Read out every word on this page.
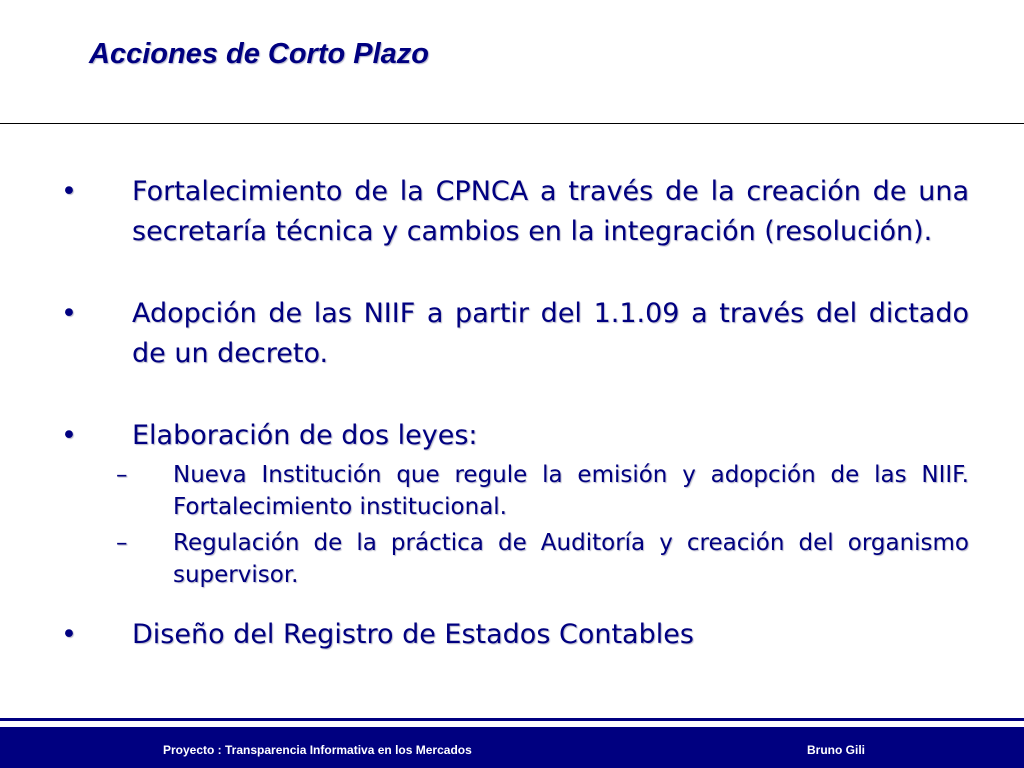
Acciones de Corto Plazo
• Fortalecimiento de la CPNCA a través de la creación de una secretaría técnica y cambios en la integración (resolución).
• Adopción de las NIIF a partir del 1.1.09 a través del dictado de un decreto.
• Elaboración de dos leyes:
– Nueva Institución que regule la emisión y adopción de las NIIF. Fortalecimiento institucional.
– Regulación de la práctica de Auditoría y creación del organismo supervisor.
• Diseño del Registro de Estados Contables
Proyecto : Transparencia Informativa en los Mercados	Bruno Gili
